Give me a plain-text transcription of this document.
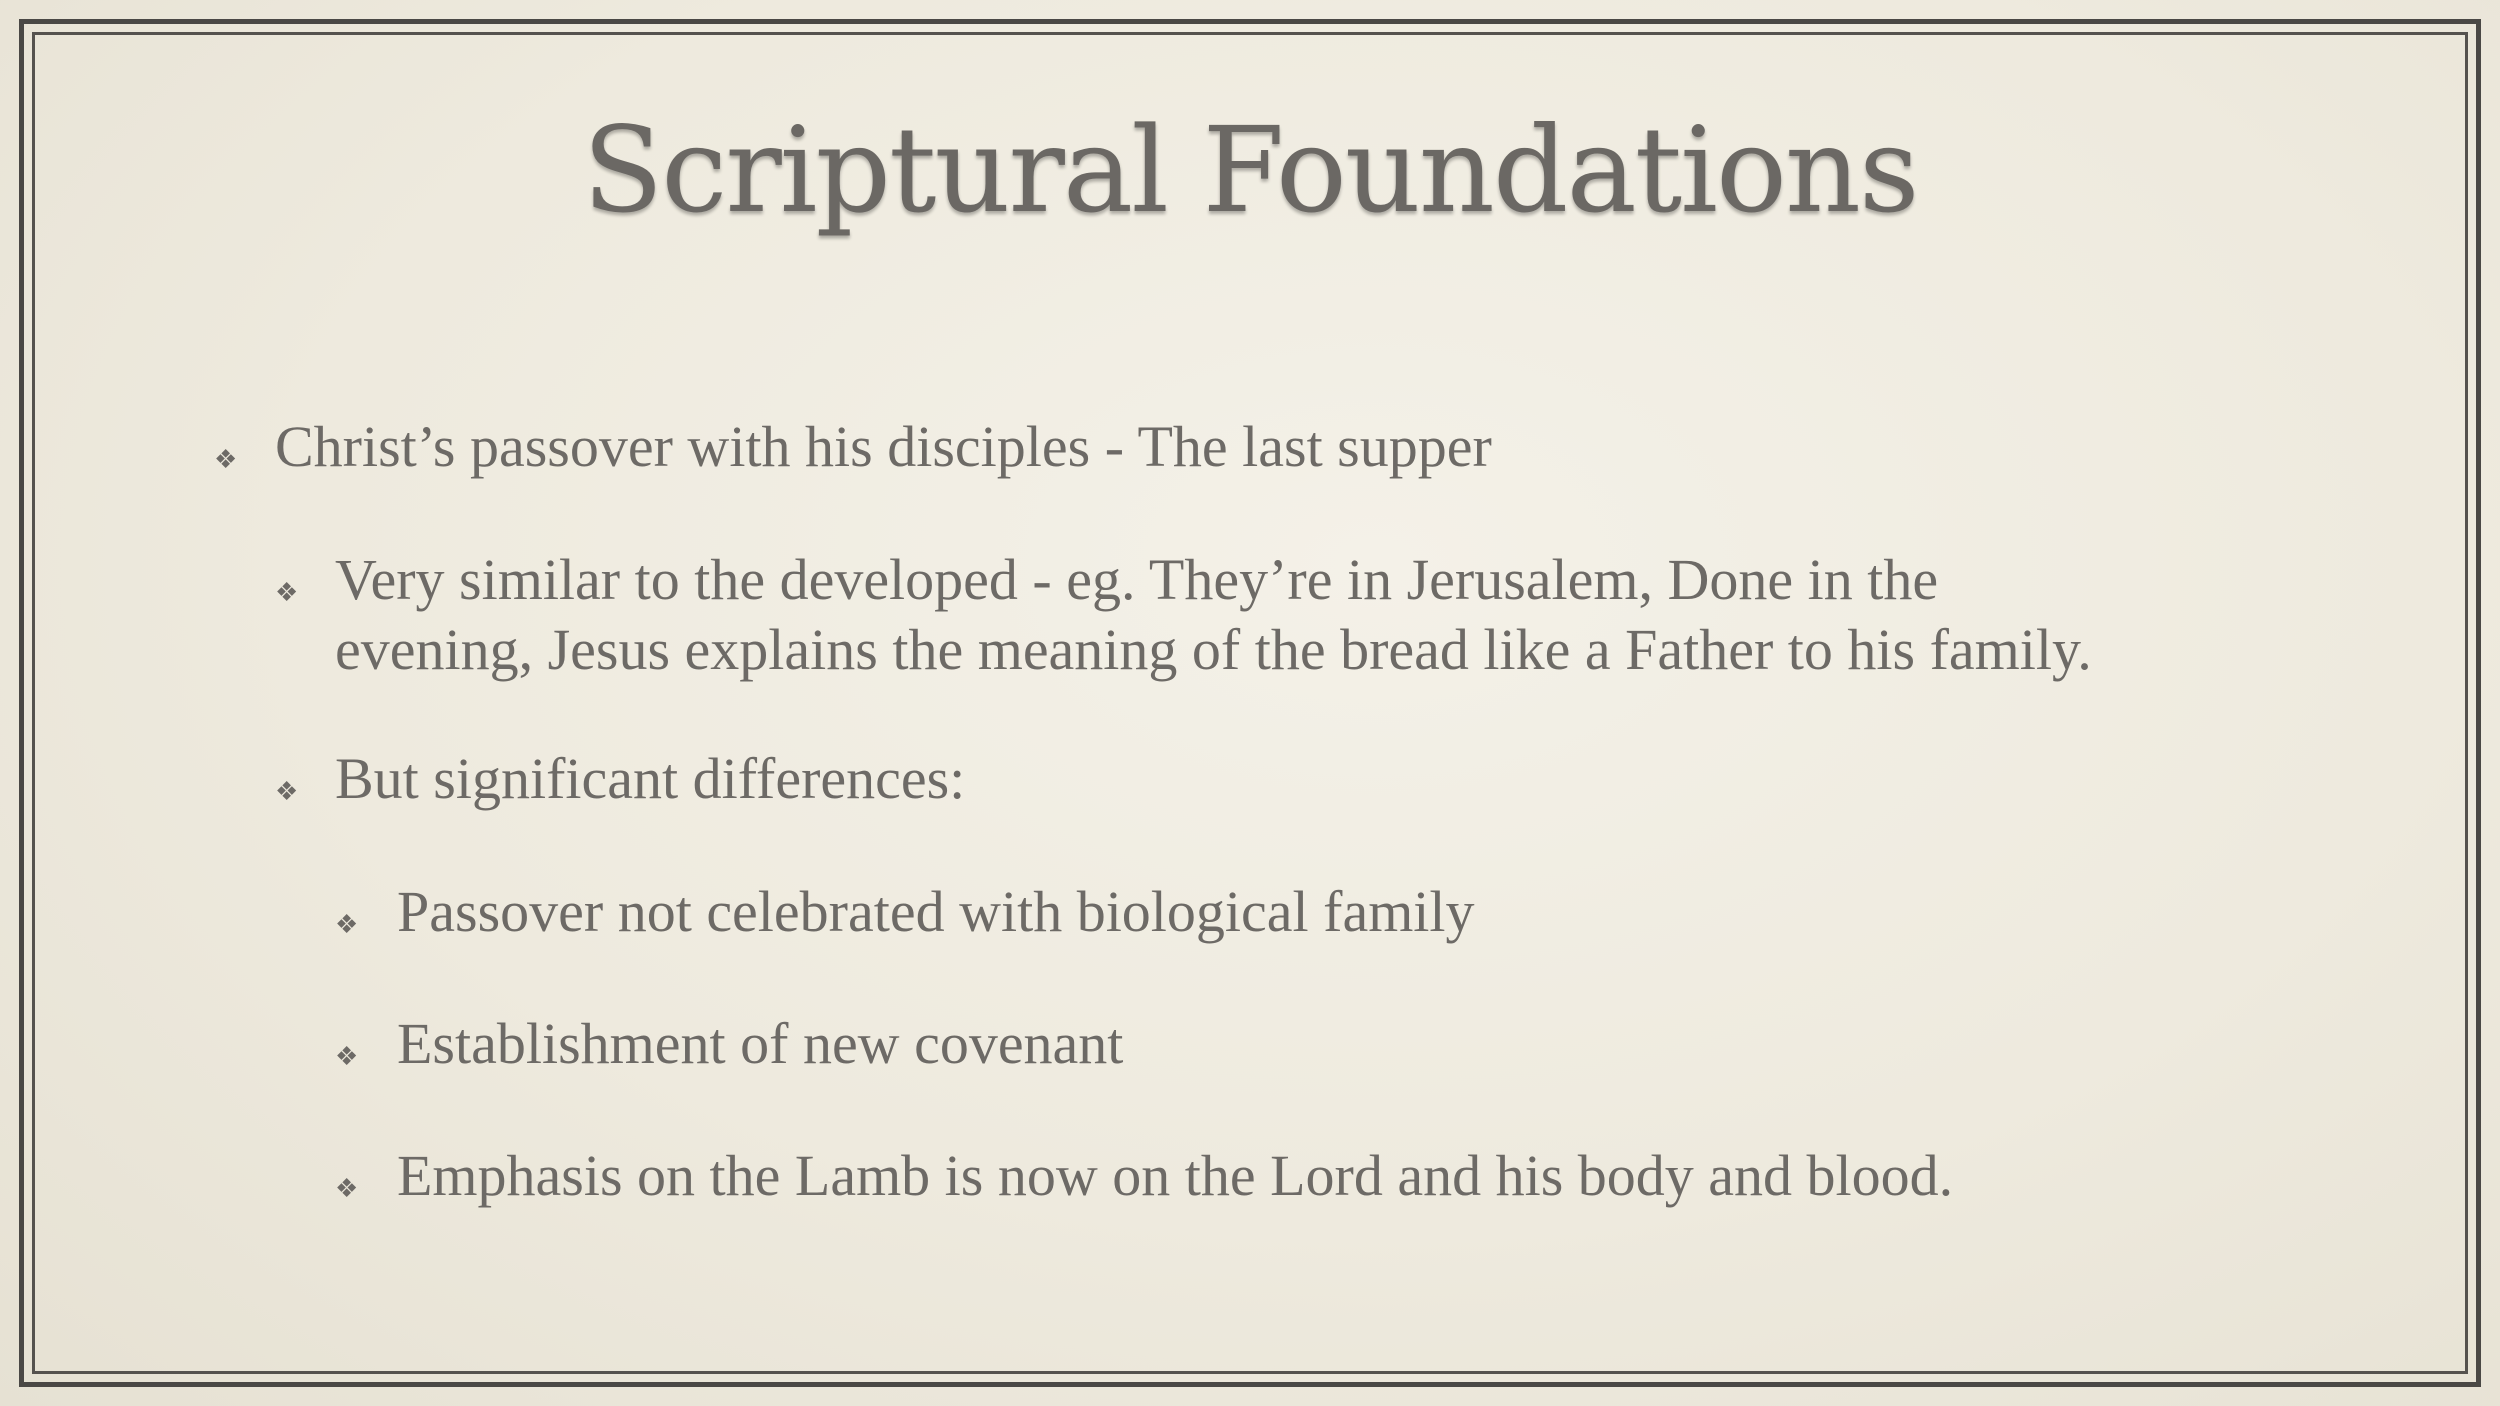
Scriptural Foundations
❖ Christ’s passover with his disciples - The last supper
❖ Very similar to the developed - eg. They’re in Jerusalem, Done in the
evening, Jesus explains the meaning of the bread like a Father to his family.
❖ But significant differences:
❖ Passover not celebrated with biological family
❖ Establishment of new covenant
❖ Emphasis on the Lamb is now on the Lord and his body and blood.
